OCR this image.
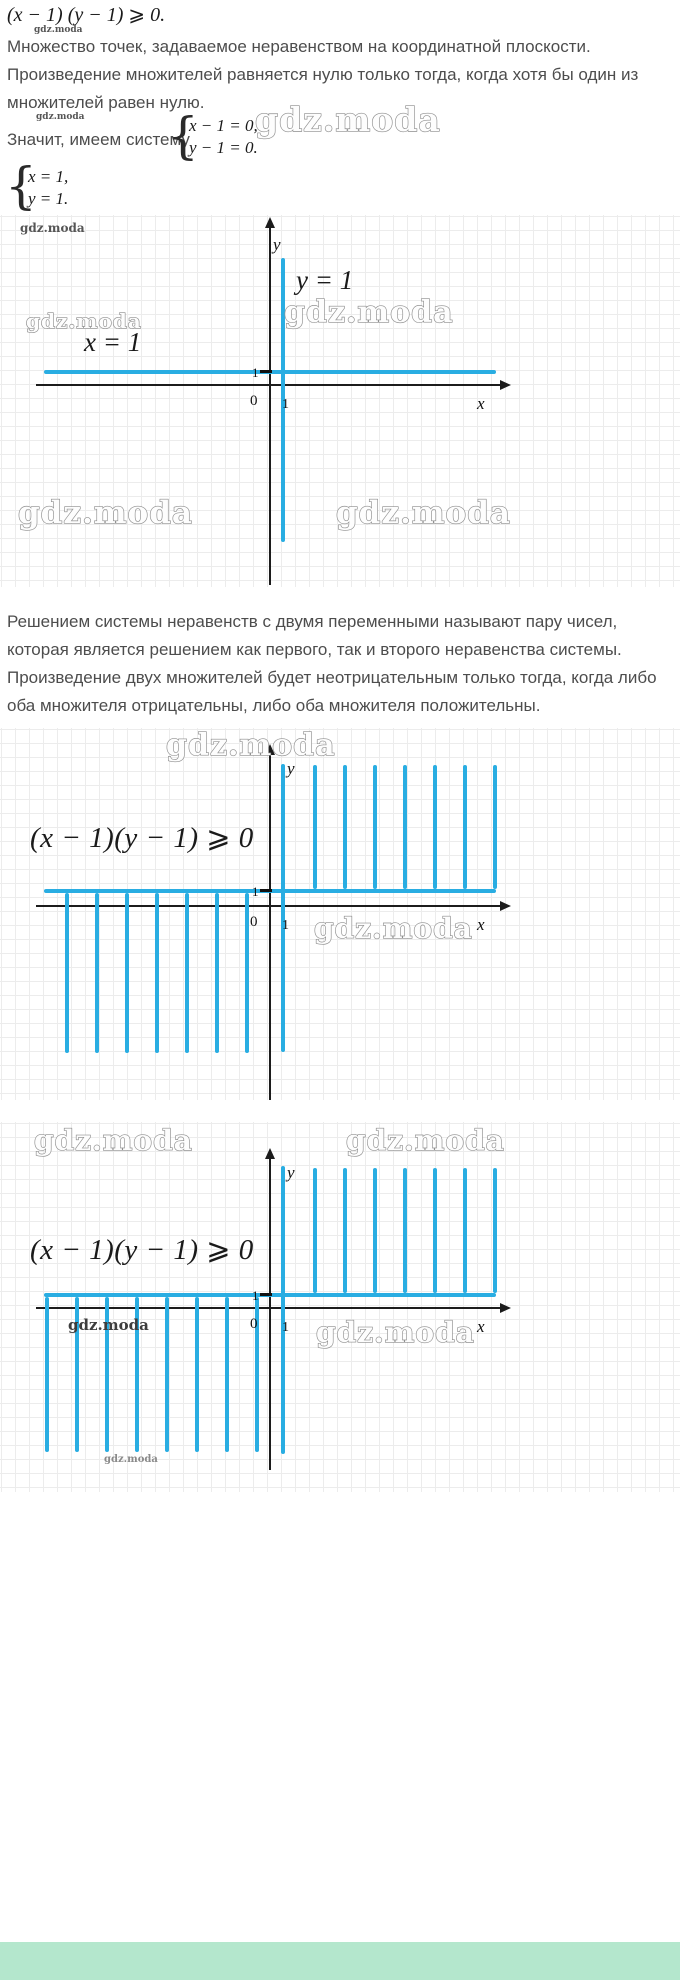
(x − 1) (y − 1) ⩾ 0.
gdz.moda
Множество точек, задаваемое неравенством на координатной плоскости. Произведение множителей равняется нулю только тогда, когда хотя бы один из множителей равен нулю.
gdz.moda
Значит, имеем систему
{
x − 1 = 0,
y − 1 = 0.
gdz.moda
{
x = 1,
y = 1.
gdz.moda
gdz.moda	gdz.moda
gdz.moda	gdz.moda
y
x
0 1
1
y = 1
x = 1
Решением системы неравенств с двумя переменными называют пару чисел, которая является решением как первого, так и второго неравенства системы. Произведение двух множителей будет неотрицательным только тогда, когда либо оба множителя отрицательны, либо оба множителя положительны.
gdz.moda
(x − 1)(y − 1) ⩾ 0
y
x
0 1
1
gdz.moda
gdz.moda	gdz.moda
(x − 1)(y − 1) ⩾ 0
y
x
0 1
1
gdz.moda	gdz.moda
gdz.moda
